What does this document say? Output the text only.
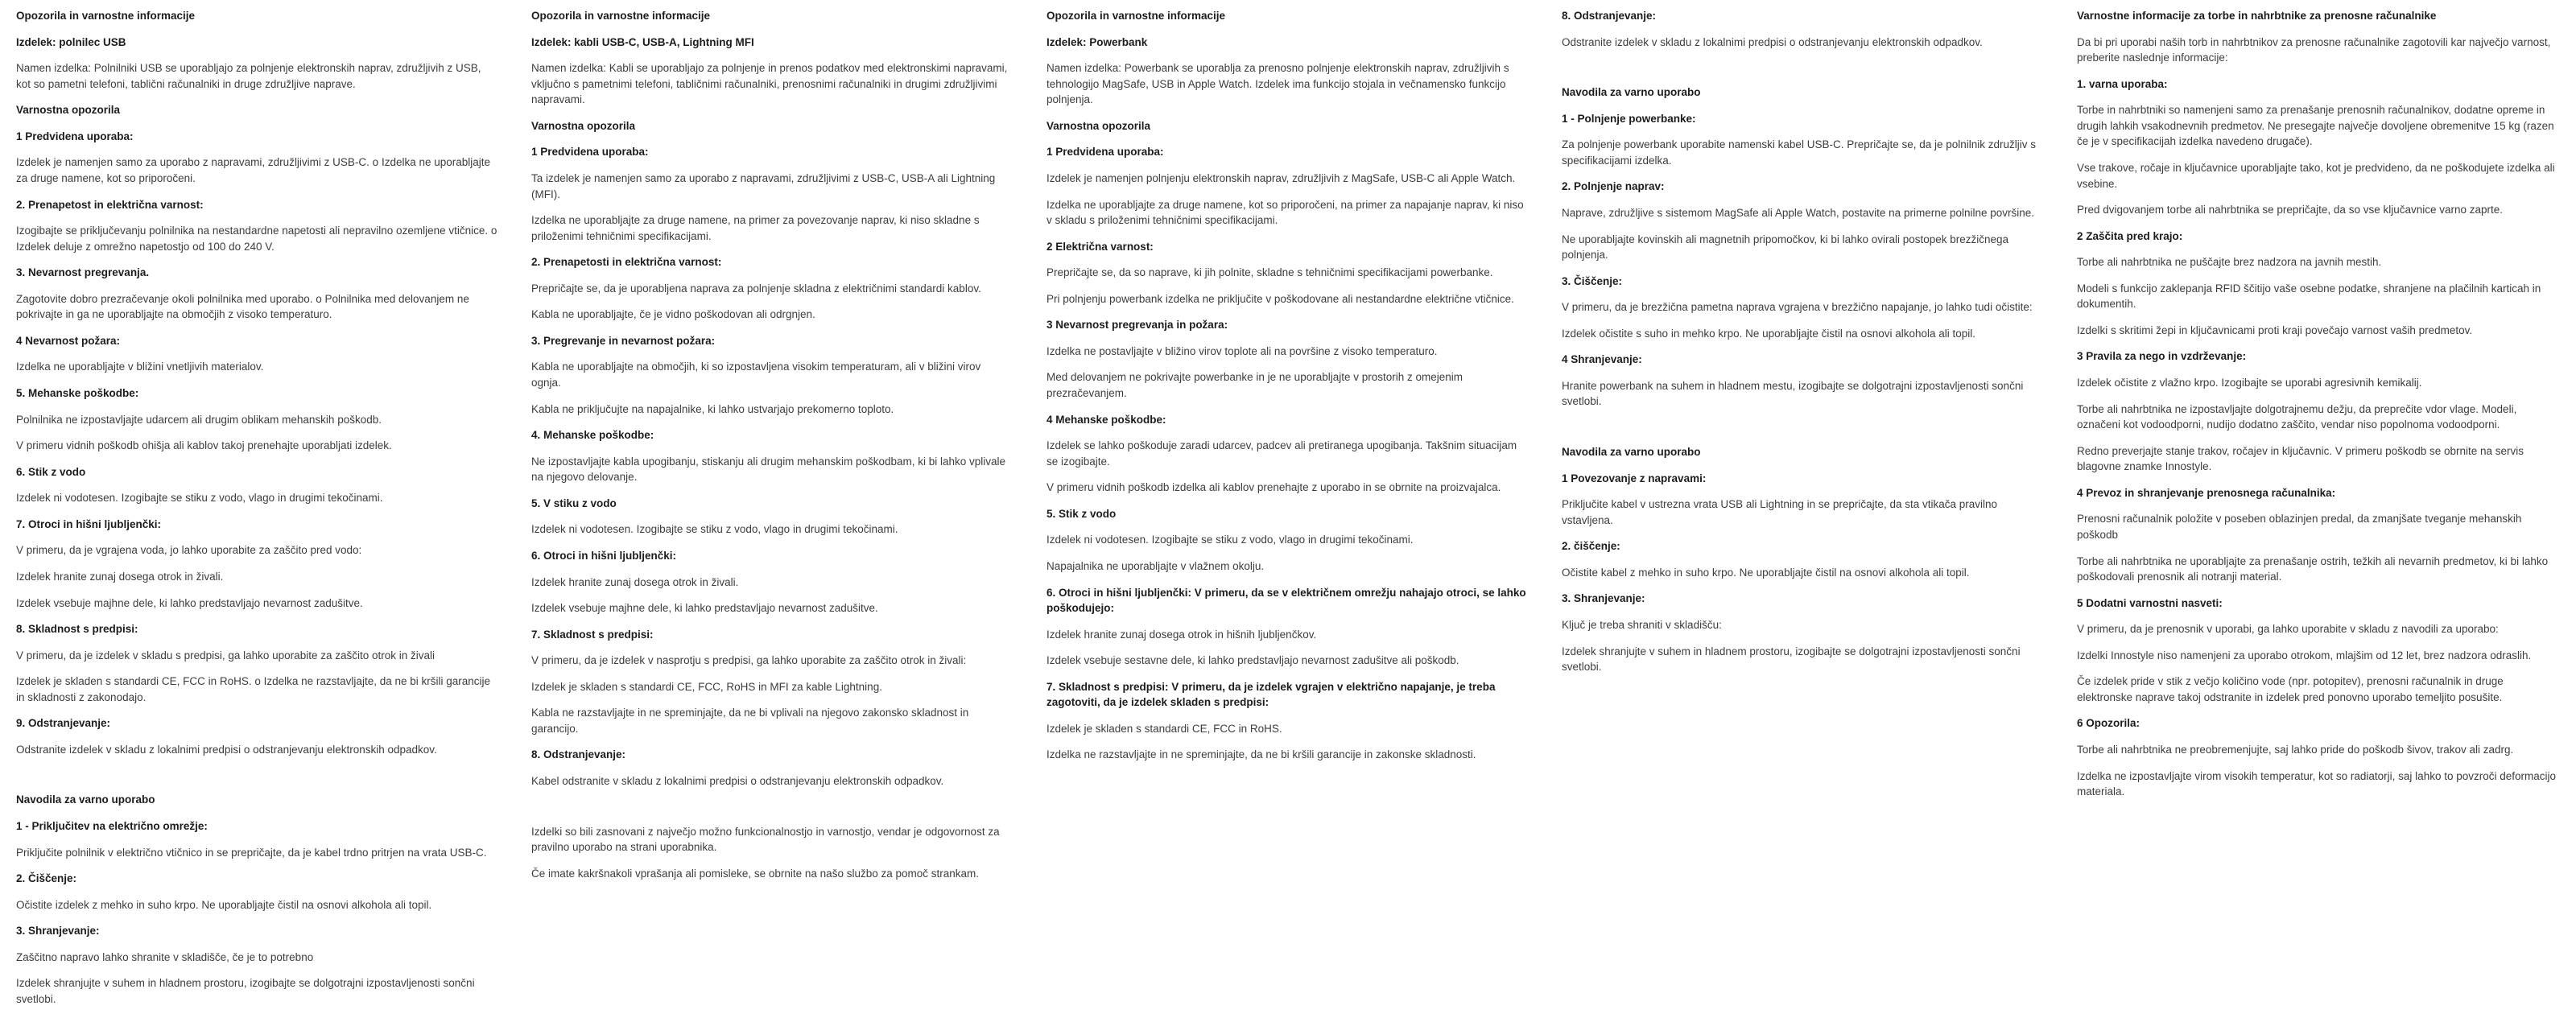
Opozorila in varnostne informacije
Izdelek: polnilec USB
Namen izdelka: Polnilniki USB se uporabljajo za polnjenje elektronskih naprav, združljivih z USB, kot so pametni telefoni, tablični računalniki in druge združljive naprave.
Varnostna opozorila
1 Predvidena uporaba:
Izdelek je namenjen samo za uporabo z napravami, združljivimi z USB-C. o Izdelka ne uporabljajte za druge namene, kot so priporočeni.
2. Prenapetost in električna varnost:
Izogibajte se priključevanju polnilnika na nestandardne napetosti ali nepravilno ozemljene vtičnice. o Izdelek deluje z omrežno napetostjo od 100 do 240 V.
3. Nevarnost pregrevanja.
Zagotovite dobro prezračevanje okoli polnilnika med uporabo. o Polnilnika med delovanjem ne pokrivajte in ga ne uporabljajte na območjih z visoko temperaturo.
4 Nevarnost požara:
Izdelka ne uporabljajte v bližini vnetljivih materialov.
5. Mehanske poškodbe:
Polnilnika ne izpostavljajte udarcem ali drugim oblikam mehanskih poškodb.
V primeru vidnih poškodb ohišja ali kablov takoj prenehajte uporabljati izdelek.
6. Stik z vodo
Izdelek ni vodotesen. Izogibajte se stiku z vodo, vlago in drugimi tekočinami.
7. Otroci in hišni ljubljenčki:
V primeru, da je vgrajena voda, jo lahko uporabite za zaščito pred vodo:
Izdelek hranite zunaj dosega otrok in živali.
Izdelek vsebuje majhne dele, ki lahko predstavljajo nevarnost zadušitve.
8. Skladnost s predpisi:
V primeru, da je izdelek v skladu s predpisi, ga lahko uporabite za zaščito otrok in živali
Izdelek je skladen s standardi CE, FCC in RoHS. o Izdelka ne razstavljajte, da ne bi kršili garancije in skladnosti z zakonodajo.
9. Odstranjevanje:
Odstranite izdelek v skladu z lokalnimi predpisi o odstranjevanju elektronskih odpadkov.
Navodila za varno uporabo
1 - Priključitev na električno omrežje:
Priključite polnilnik v električno vtičnico in se prepričajte, da je kabel trdno pritrjen na vrata USB-C.
2. Čiščenje:
Očistite izdelek z mehko in suho krpo. Ne uporabljajte čistil na osnovi alkohola ali topil.
3. Shranjevanje:
Zaščitno napravo lahko shranite v skladišče, če je to potrebno
Izdelek shranjujte v suhem in hladnem prostoru, izogibajte se dolgotrajni izpostavljenosti sončni svetlobi.
Opozorila in varnostne informacije
Izdelek: kabli USB-C, USB-A, Lightning MFI
Namen izdelka: Kabli se uporabljajo za polnjenje in prenos podatkov med elektronskimi napravami, vključno s pametnimi telefoni, tabličnimi računalniki, prenosnimi računalniki in drugimi združljivimi napravami.
Varnostna opozorila
1 Predvidena uporaba:
Ta izdelek je namenjen samo za uporabo z napravami, združljivimi z USB-C, USB-A ali Lightning (MFI).
Izdelka ne uporabljajte za druge namene, na primer za povezovanje naprav, ki niso skladne s priloženimi tehničnimi specifikacijami.
2. Prenapetosti in električna varnost:
Prepričajte se, da je uporabljena naprava za polnjenje skladna z električnimi standardi kablov.
Kabla ne uporabljajte, če je vidno poškodovan ali odrgnjen.
3. Pregrevanje in nevarnost požara:
Kabla ne uporabljajte na območjih, ki so izpostavljena visokim temperaturam, ali v bližini virov ognja.
Kabla ne priključujte na napajalnike, ki lahko ustvarjajo prekomerno toploto.
4. Mehanske poškodbe:
Ne izpostavljajte kabla upogibanju, stiskanju ali drugim mehanskim poškodbam, ki bi lahko vplivale na njegovo delovanje.
5. V stiku z vodo
Izdelek ni vodotesen. Izogibajte se stiku z vodo, vlago in drugimi tekočinami.
6. Otroci in hišni ljubljenčki:
Izdelek hranite zunaj dosega otrok in živali.
Izdelek vsebuje majhne dele, ki lahko predstavljajo nevarnost zadušitve.
7. Skladnost s predpisi:
V primeru, da je izdelek v nasprotju s predpisi, ga lahko uporabite za zaščito otrok in živali:
Izdelek je skladen s standardi CE, FCC, RoHS in MFI za kable Lightning.
Kabla ne razstavljajte in ne spreminjajte, da ne bi vplivali na njegovo zakonsko skladnost in garancijo.
8. Odstranjevanje:
Kabel odstranite v skladu z lokalnimi predpisi o odstranjevanju elektronskih odpadkov.
Izdelki so bili zasnovani z največjo možno funkcionalnostjo in varnostjo, vendar je odgovornost za pravilno uporabo na strani uporabnika.
Če imate kakršnakoli vprašanja ali pomisleke, se obrnite na našo službo za pomoč strankam.
Opozorila in varnostne informacije
Izdelek: Powerbank
Namen izdelka: Powerbank se uporablja za prenosno polnjenje elektronskih naprav, združljivih s tehnologijo MagSafe, USB in Apple Watch. Izdelek ima funkcijo stojala in večnamensko funkcijo polnjenja.
Varnostna opozorila
1 Predvidena uporaba:
Izdelek je namenjen polnjenju elektronskih naprav, združljivih z MagSafe, USB-C ali Apple Watch.
Izdelka ne uporabljajte za druge namene, kot so priporočeni, na primer za napajanje naprav, ki niso v skladu s priloženimi tehničnimi specifikacijami.
2 Električna varnost:
Prepričajte se, da so naprave, ki jih polnite, skladne s tehničnimi specifikacijami powerbanke.
Pri polnjenju powerbank izdelka ne priključite v poškodovane ali nestandardne električne vtičnice.
3 Nevarnost pregrevanja in požara:
Izdelka ne postavljajte v bližino virov toplote ali na površine z visoko temperaturo.
Med delovanjem ne pokrivajte powerbanke in je ne uporabljajte v prostorih z omejenim prezračevanjem.
4 Mehanske poškodbe:
Izdelek se lahko poškoduje zaradi udarcev, padcev ali pretiranega upogibanja. Takšnim situacijam se izogibajte.
V primeru vidnih poškodb izdelka ali kablov prenehajte z uporabo in se obrnite na proizvajalca.
5. Stik z vodo
Izdelek ni vodotesen. Izogibajte se stiku z vodo, vlago in drugimi tekočinami.
Napajalnika ne uporabljajte v vlažnem okolju.
6. Otroci in hišni ljubljenčki: V primeru, da se v električnem omrežju nahajajo otroci, se lahko poškodujejo:
Izdelek hranite zunaj dosega otrok in hišnih ljubljenčkov.
Izdelek vsebuje sestavne dele, ki lahko predstavljajo nevarnost zadušitve ali poškodb.
7. Skladnost s predpisi: V primeru, da je izdelek vgrajen v električno napajanje, je treba zagotoviti, da je izdelek skladen s predpisi:
Izdelek je skladen s standardi CE, FCC in RoHS.
Izdelka ne razstavljajte in ne spreminjajte, da ne bi kršili garancije in zakonske skladnosti.
8. Odstranjevanje:
Odstranite izdelek v skladu z lokalnimi predpisi o odstranjevanju elektronskih odpadkov.
Navodila za varno uporabo
1 - Polnjenje powerbanke:
Za polnjenje powerbank uporabite namenski kabel USB-C. Prepričajte se, da je polnilnik združljiv s specifikacijami izdelka.
2. Polnjenje naprav:
Naprave, združljive s sistemom MagSafe ali Apple Watch, postavite na primerne polnilne površine.
Ne uporabljajte kovinskih ali magnetnih pripomočkov, ki bi lahko ovirali postopek brezžičnega polnjenja.
3. Čiščenje:
V primeru, da je brezžična pametna naprava vgrajena v brezžično napajanje, jo lahko tudi očistite:
Izdelek očistite s suho in mehko krpo. Ne uporabljajte čistil na osnovi alkohola ali topil.
4 Shranjevanje:
Hranite powerbank na suhem in hladnem mestu, izogibajte se dolgotrajni izpostavljenosti sončni svetlobi.
Navodila za varno uporabo
1 Povezovanje z napravami:
Priključite kabel v ustrezna vrata USB ali Lightning in se prepričajte, da sta vtikača pravilno vstavljena.
2. čiščenje:
Očistite kabel z mehko in suho krpo. Ne uporabljajte čistil na osnovi alkohola ali topil.
3. Shranjevanje:
Ključ je treba shraniti v skladišču:
Izdelek shranjujte v suhem in hladnem prostoru, izogibajte se dolgotrajni izpostavljenosti sončni svetlobi.
Varnostne informacije za torbe in nahrbtnike za prenosne računalnike
Da bi pri uporabi naših torb in nahrbtnikov za prenosne računalnike zagotovili kar največjo varnost, preberite naslednje informacije:
1. varna uporaba:
Torbe in nahrbtniki so namenjeni samo za prenašanje prenosnih računalnikov, dodatne opreme in drugih lahkih vsakodnevnih predmetov. Ne presegajte največje dovoljene obremenitve 15 kg (razen če je v specifikacijah izdelka navedeno drugače).
Vse trakove, ročaje in ključavnice uporabljajte tako, kot je predvideno, da ne poškodujete izdelka ali vsebine.
Pred dvigovanjem torbe ali nahrbtnika se prepričajte, da so vse ključavnice varno zaprte.
2 Zaščita pred krajo:
Torbe ali nahrbtnika ne puščajte brez nadzora na javnih mestih.
Modeli s funkcijo zaklepanja RFID ščitijo vaše osebne podatke, shranjene na plačilnih karticah in dokumentih.
Izdelki s skritimi žepi in ključavnicami proti kraji povečajo varnost vaših predmetov.
3 Pravila za nego in vzdrževanje:
Izdelek očistite z vlažno krpo. Izogibajte se uporabi agresivnih kemikalij.
Torbe ali nahrbtnika ne izpostavljajte dolgotrajnemu dežju, da preprečite vdor vlage. Modeli, označeni kot vodoodporni, nudijo dodatno zaščito, vendar niso popolnoma vodoodporni.
Redno preverjajte stanje trakov, ročajev in ključavnic. V primeru poškodb se obrnite na servis blagovne znamke Innostyle.
4 Prevoz in shranjevanje prenosnega računalnika:
Prenosni računalnik položite v poseben oblazinjen predal, da zmanjšate tveganje mehanskih poškodb
Torbe ali nahrbtnika ne uporabljajte za prenašanje ostrih, težkih ali nevarnih predmetov, ki bi lahko poškodovali prenosnik ali notranji material.
5 Dodatni varnostni nasveti:
V primeru, da je prenosnik v uporabi, ga lahko uporabite v skladu z navodili za uporabo:
Izdelki Innostyle niso namenjeni za uporabo otrokom, mlajšim od 12 let, brez nadzora odraslih.
Če izdelek pride v stik z večjo količino vode (npr. potopitev), prenosni računalnik in druge elektronske naprave takoj odstranite in izdelek pred ponovno uporabo temeljito posušite.
6 Opozorila:
Torbe ali nahrbtnika ne preobremenjujte, saj lahko pride do poškodb šivov, trakov ali zadrg.
Izdelka ne izpostavljajte virom visokih temperatur, kot so radiatorji, saj lahko to povzroči deformacijo materiala.
